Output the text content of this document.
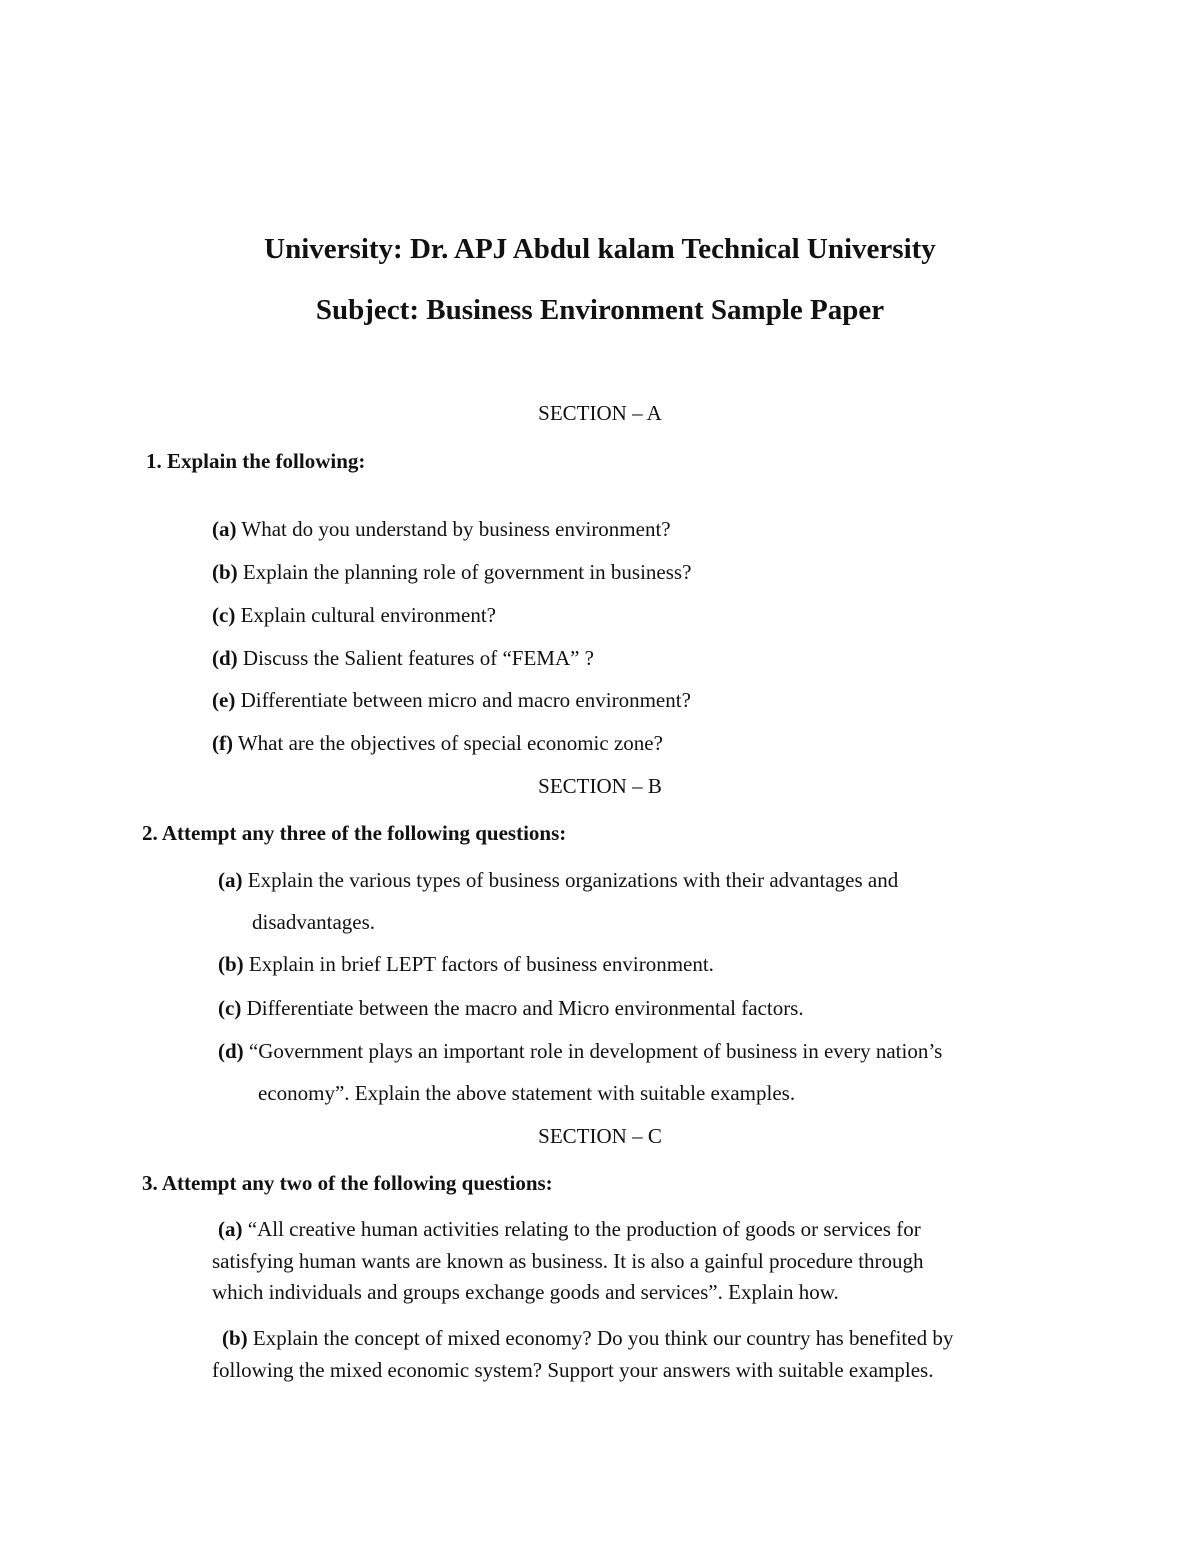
University: Dr. APJ Abdul kalam Technical University
Subject: Business Environment Sample Paper
SECTION – A
1. Explain the following:
(a) What do you understand by business environment?
(b) Explain the planning role of government in business?
(c) Explain cultural environment?
(d) Discuss the Salient features of “FEMA” ?
(e) Differentiate between micro and macro environment?
(f) What are the objectives of special economic zone?
SECTION – B
2. Attempt any three of the following questions:
(a) Explain the various types of business organizations with their advantages and
disadvantages.
(b) Explain in brief LEPT factors of business environment.
(c) Differentiate between the macro and Micro environmental factors.
(d) “Government plays an important role in development of business in every nation’s
economy”. Explain the above statement with suitable examples.
SECTION – C
3. Attempt any two of the following questions:
(a) “All creative human activities relating to the production of goods or services for
satisfying human wants are known as business. It is also a gainful procedure through
which individuals and groups exchange goods and services”. Explain how.
(b) Explain the concept of mixed economy? Do you think our country has benefited by
following the mixed economic system? Support your answers with suitable examples.
